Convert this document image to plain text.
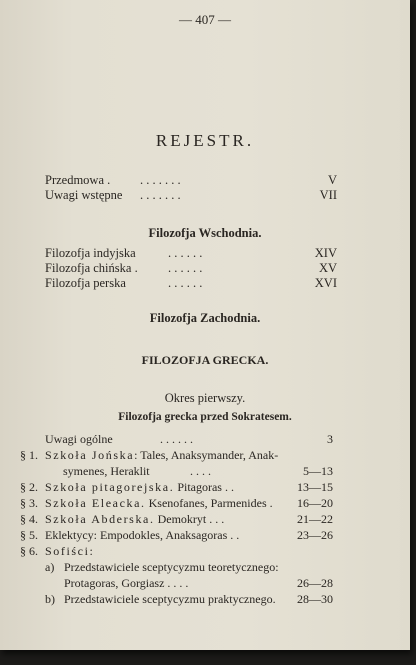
— 407 —
REJESTR.
Przedmowa . . . . . . . .	V
Uwagi wstępne . . . . . . .	VII
Filozofja Wschodnia.
Filozofja indyjska	. . . . . .	XIV
Filozofja chińska . . . . . . .	XV
Filozofja perska	. . . . . .	XVI
Filozofja Zachodnia.
FILOZOFJA GRECKA.
Okres pierwszy.
Filozofja grecka przed Sokratesem.
Uwagi ogólne	. . . . . .	3
§ 1. Szkoła Jońska: Tales, Anaksymander, Anak-
symenes, Heraklit	. . . .	5—13
§ 2. Szkoła pitagorejska. Pitagoras . .	13—15
§ 3. Szkoła Eleacka. Ksenofanes, Parmenides . 16—20
§ 4. Szkoła Abderska. Demokryt . . .	21—22
§ 5. Eklektycy: Empodokles, Anaksagoras . .	23—26
§ 6. Sofiści:
a) Przedstawiciele sceptycyzmu teoretycznego:
Protagoras, Gorgiasz . . . .	26—28
b) Przedstawiciele sceptycyzmu praktycznego. 28—30
